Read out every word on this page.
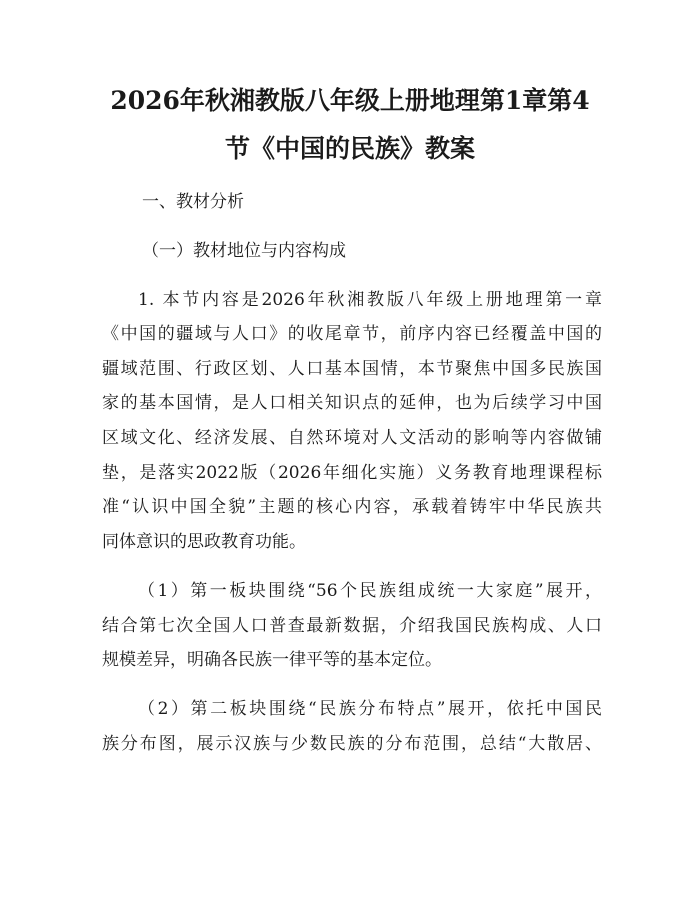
2026年秋湘教版八年级上册地理第1章第4
节《中国的民族》教案
一、教材分析
（一）教材地位与内容构成
1. 本节内容是2026年秋湘教版八年级上册地理第一章
《中国的疆域与人口》的收尾章节，前序内容已经覆盖中国的
疆域范围、行政区划、人口基本国情，本节聚焦中国多民族国
家的基本国情，是人口相关知识点的延伸，也为后续学习中国
区域文化、经济发展、自然环境对人文活动的影响等内容做铺
垫，是落实2022版（2026年细化实施）义务教育地理课程标
准“认识中国全貌”主题的核心内容，承载着铸牢中华民族共
同体意识的思政教育功能。
（1）第一板块围绕“56个民族组成统一大家庭”展开，
结合第七次全国人口普查最新数据，介绍我国民族构成、人口
规模差异，明确各民族一律平等的基本定位。
（2）第二板块围绕“民族分布特点”展开，依托中国民
族分布图，展示汉族与少数民族的分布范围，总结“大散居、
